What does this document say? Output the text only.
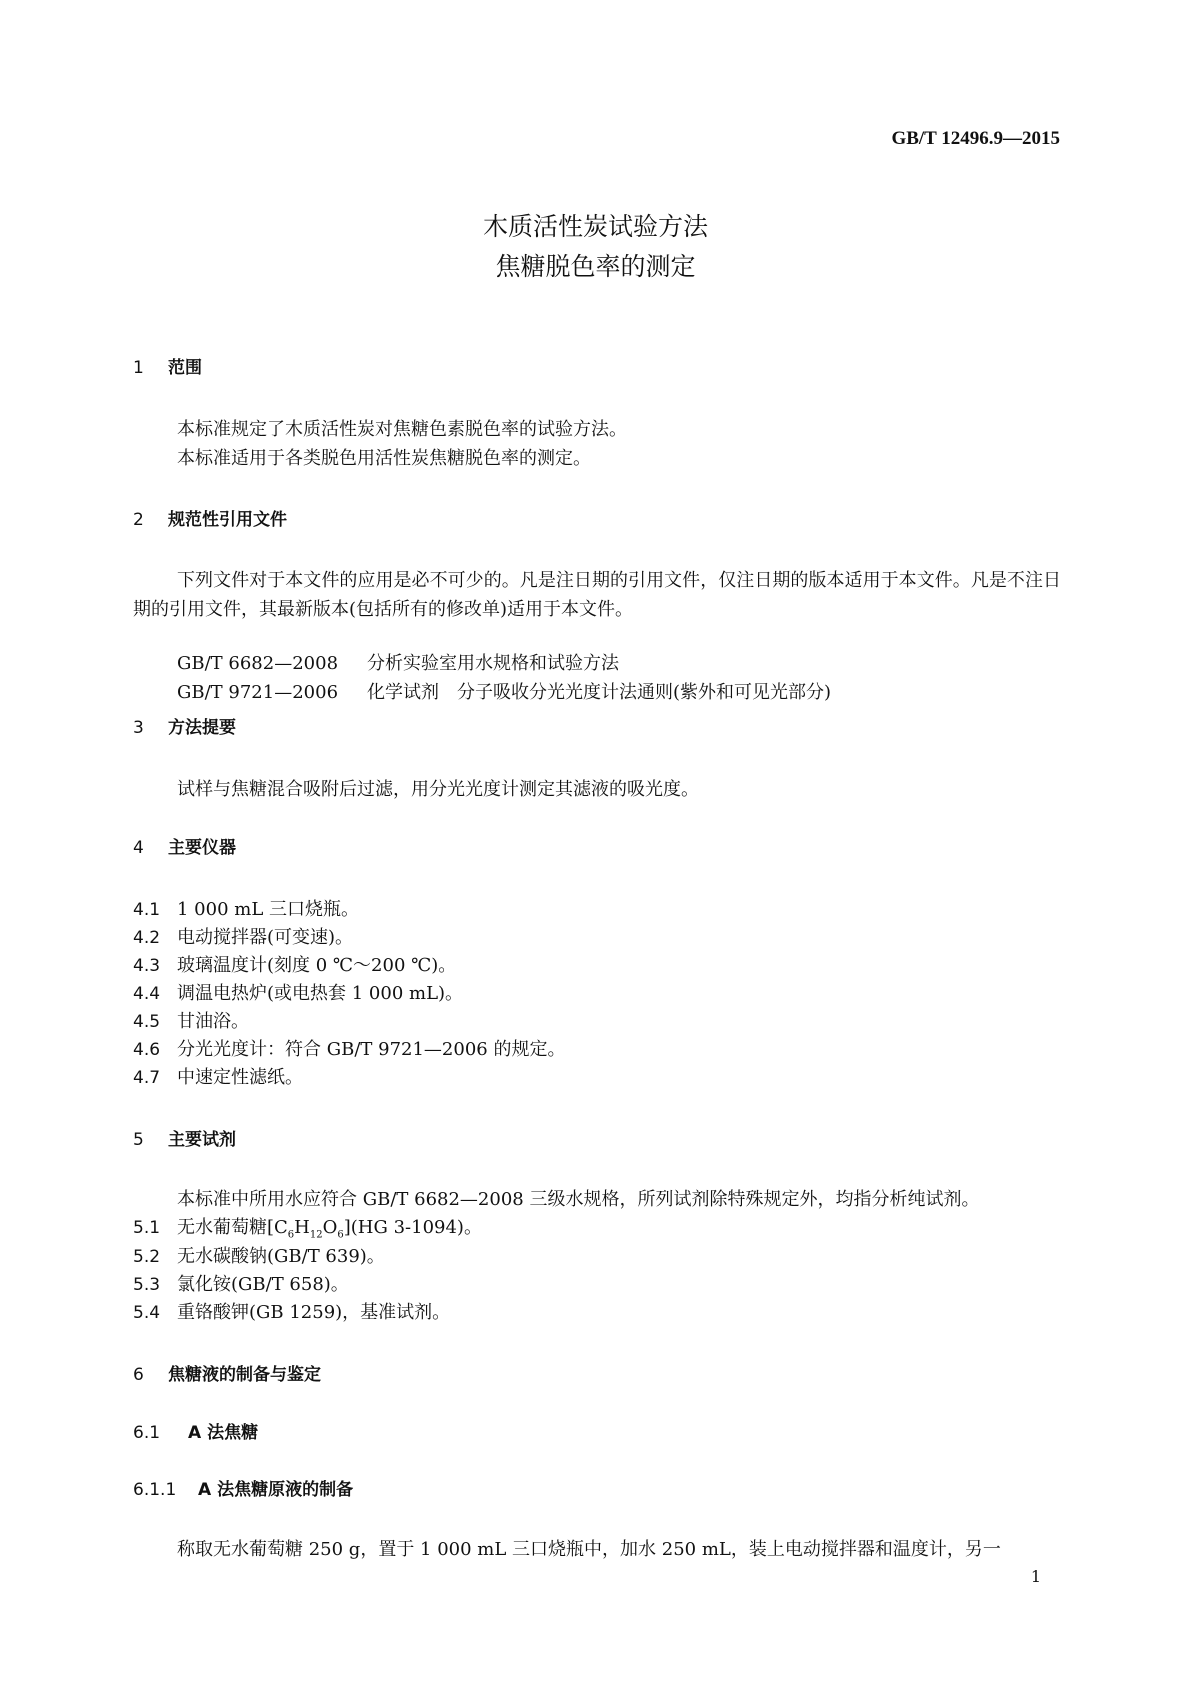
GB/T 12496.9—2015
木质活性炭试验方法
焦糖脱色率的测定
1 范围
本标准规定了木质活性炭对焦糖色素脱色率的试验方法。
本标准适用于各类脱色用活性炭焦糖脱色率的测定。
2 规范性引用文件
下列文件对于本文件的应用是必不可少的。凡是注日期的引用文件，仅注日期的版本适用于本文件。凡是不注日期的引用文件，其最新版本(包括所有的修改单)适用于本文件。
GB/T 6682—2008 分析实验室用水规格和试验方法
GB/T 9721—2006 化学试剂　分子吸收分光光度计法通则(紫外和可见光部分)
3 方法提要
试样与焦糖混合吸附后过滤，用分光光度计测定其滤液的吸光度。
4 主要仪器
4.1 1 000 mL 三口烧瓶。
4.2 电动搅拌器(可变速)。
4.3 玻璃温度计(刻度 0 ℃～200 ℃)。
4.4 调温电热炉(或电热套 1 000 mL)。
4.5 甘油浴。
4.6 分光光度计：符合 GB/T 9721—2006 的规定。
4.7 中速定性滤纸。
5 主要试剂
本标准中所用水应符合 GB/T 6682—2008 三级水规格，所列试剂除特殊规定外，均指分析纯试剂。
5.1 无水葡萄糖$[C_6H_{12}O_6](HG$ 3-1094)。
5.2 无水碳酸钠(GB/T 639)。
5.3 氯化铵(GB/T 658)。
5.4 重铬酸钾(GB 1259)，基准试剂。
6 焦糖液的制备与鉴定
6.1 A 法焦糖
6.1.1 A 法焦糖原液的制备
称取无水葡萄糖 250 g，置于 1 000 mL 三口烧瓶中，加水 250 mL，装上电动搅拌器和温度计，另一
1
